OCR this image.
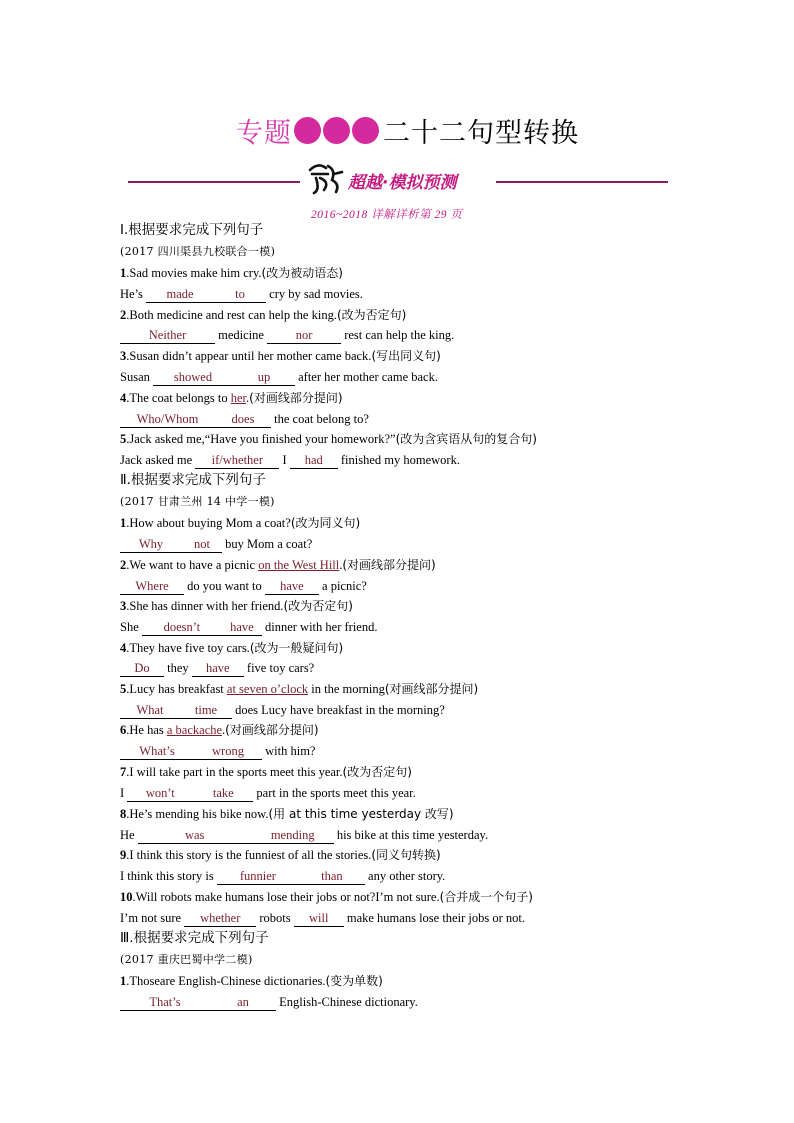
专题	二十二句型转换
超越·模拟预测
2016~2018 详解详析第 29 页
Ⅰ.根据要求完成下列句子
(2017 四川渠县九校联合一模)
1.Sad movies make him cry.(改为被动语态)
He’s made	to cry by sad movies.
2.Both medicine and rest can help the king.(改为否定句)
Neither medicine nor rest can help the king.
3.Susan didn’t appear until her mother came back.(写出同义句)
Susan showed	up after her mother came back.
4.The coat belongs to her.(对画线部分提问)
Who/Whom	does the coat belong to?
5.Jack asked me,“Have you finished your homework?”(改为含宾语从句的复合句)
Jack asked me if/whether I had finished my homework.
Ⅱ.根据要求完成下列句子
(2017 甘肃兰州 14 中学一模)
1.How about buying Mom a coat?(改为同义句)
Why not buy Mom a coat?
2.We want to have a picnic on the West Hill.(对画线部分提问)
Where do you want to have a picnic?
3.She has dinner with her friend.(改为否定句)
She doesn’t have dinner with her friend.
4.They have five toy cars.(改为一般疑问句)
Do they have five toy cars?
5.Lucy has breakfast at seven o’clock in the morning(对画线部分提问)
What	time does Lucy have breakfast in the morning?
6.He has a backache.(对画线部分提问)
What’s	wrong with him?
7.I will take part in the sports meet this year.(改为否定句)
I won’t	take part in the sports meet this year.
8.He’s mending his bike now.(用 at this time yesterday 改写)
He	was	mending his bike at this time yesterday.
9.I think this story is the funniest of all the stories.(同义句转换)
I think this story is funnier	than any other story.
10.Will robots make humans lose their jobs or not?I’m not sure.(合并成一个句子)
I’m not sure whether robots will make humans lose their jobs or not.
Ⅲ.根据要求完成下列句子
(2017 重庆巴蜀中学二模)
1.Thoseare English-Chinese dictionaries.(变为单数)
That’s	an English-Chinese dictionary.
